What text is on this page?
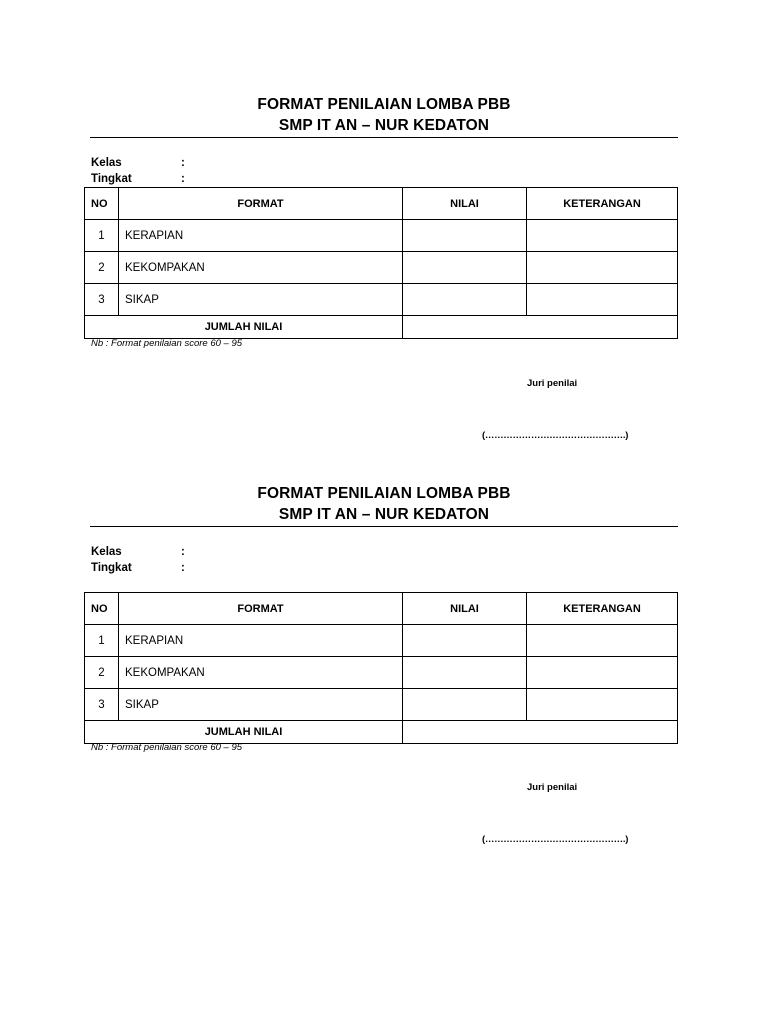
FORMAT PENILAIAN LOMBA PBB
SMP IT AN – NUR KEDATON
Kelas	:
Tingkat	:
NO	FORMAT	NILAI	KETERANGAN
1	KERAPIAN		
2	KEKOMPAKAN		
3	SIKAP		
JUMLAH NILAI			
Nb : Format penilaian score 60 – 95
Juri penilai
(……………………………………….)
FORMAT PENILAIAN LOMBA PBB
SMP IT AN – NUR KEDATON
Kelas	:
Tingkat	:
NO	FORMAT	NILAI	KETERANGAN
1	KERAPIAN		
2	KEKOMPAKAN		
3	SIKAP		
JUMLAH NILAI			
Nb : Format penilaian score 60 – 95
Juri penilai
(……………………………………….)
